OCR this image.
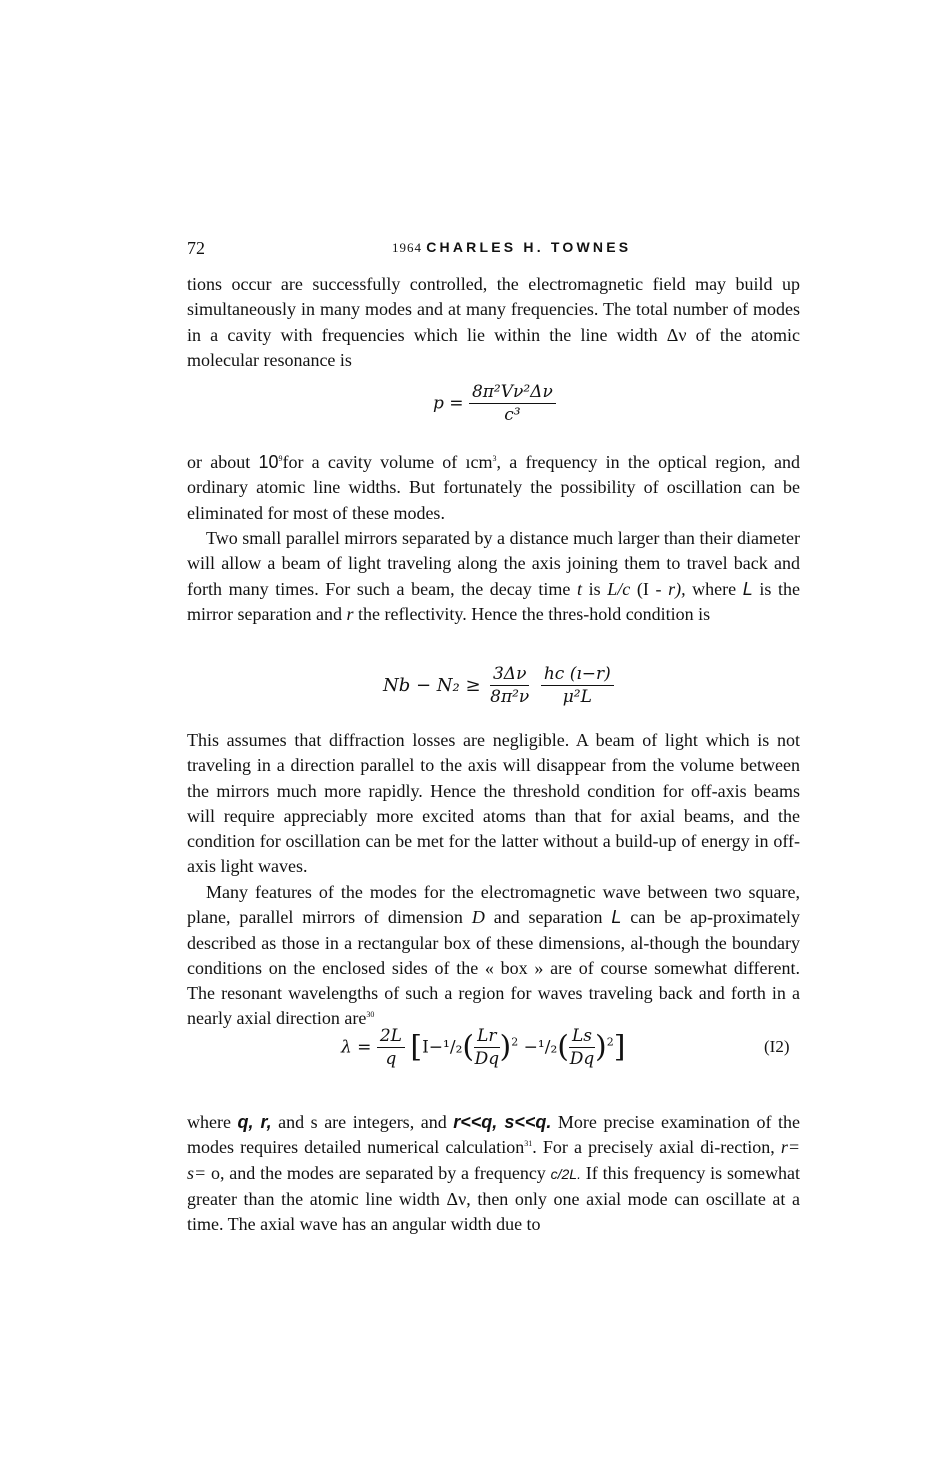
72	1964 CHARLES H. TOWNES

tions occur are successfully controlled, the electromagnetic field may build up simultaneously in many modes and at many frequencies. The total number of modes in a cavity with frequencies which lie within the line width Δν of the atomic molecular resonance is

$p = \frac{\text{8π²Vν²Δν}}{\text{c³}}$

or about $10^9for$ a cavity volume of ıcm$^3$, a frequency in the optical region, and ordinary atomic line widths. But fortunately the possibility of oscillation can be eliminated for most of these modes.

Two small parallel mirrors separated by a distance much larger than their diameter will allow a beam of light traveling along the axis joining them to travel back and forth many times. For such a beam, the decay time t is L/c (I - r), where L is the mirror separation and r the reflectivity. Hence the thres-hold condition is

$Nb - N_2 \ge \frac{3\Delta\nu}{\text{8π²ν}}$
$\frac{hc (ı-r)}{\text{μ²L}}$

This assumes that diffraction losses are negligible. A beam of light which is not traveling in a direction parallel to the axis will disappear from the volume between the mirrors much more rapidly. Hence the threshold condition for off-axis beams will require appreciably more excited atoms than that for axial beams, and the condition for oscillation can be met for the latter without a build-up of energy in off-axis light waves.

Many features of the modes for the electromagnetic wave between two square, plane, parallel mirrors of dimension D and separation L can be ap-proximately described as those in a rectangular box of these dimensions, al-though the boundary conditions on the enclosed sides of the « box » are of course somewhat different. The resonant wavelengths of such a region for waves traveling back and forth in a nearly axial direction are$^{30}$

$\lambda = \frac{2L}{q} [I-^1/_2( \frac{Lr}{Dq} )^2 -^1/_2( \frac{Ls}{Dq} )^2]$	(I2)

where q, r, and s are integers, and r<<q, s<<q. More precise examination of the modes requires detailed numerical calculation$^{31}$. For a precisely axial di-rection, r= s= o, and the modes are separated by a frequency c/2L. If this frequency is somewhat greater than the atomic line width Δν, then only one axial mode can oscillate at a time. The axial wave has an angular width due to
